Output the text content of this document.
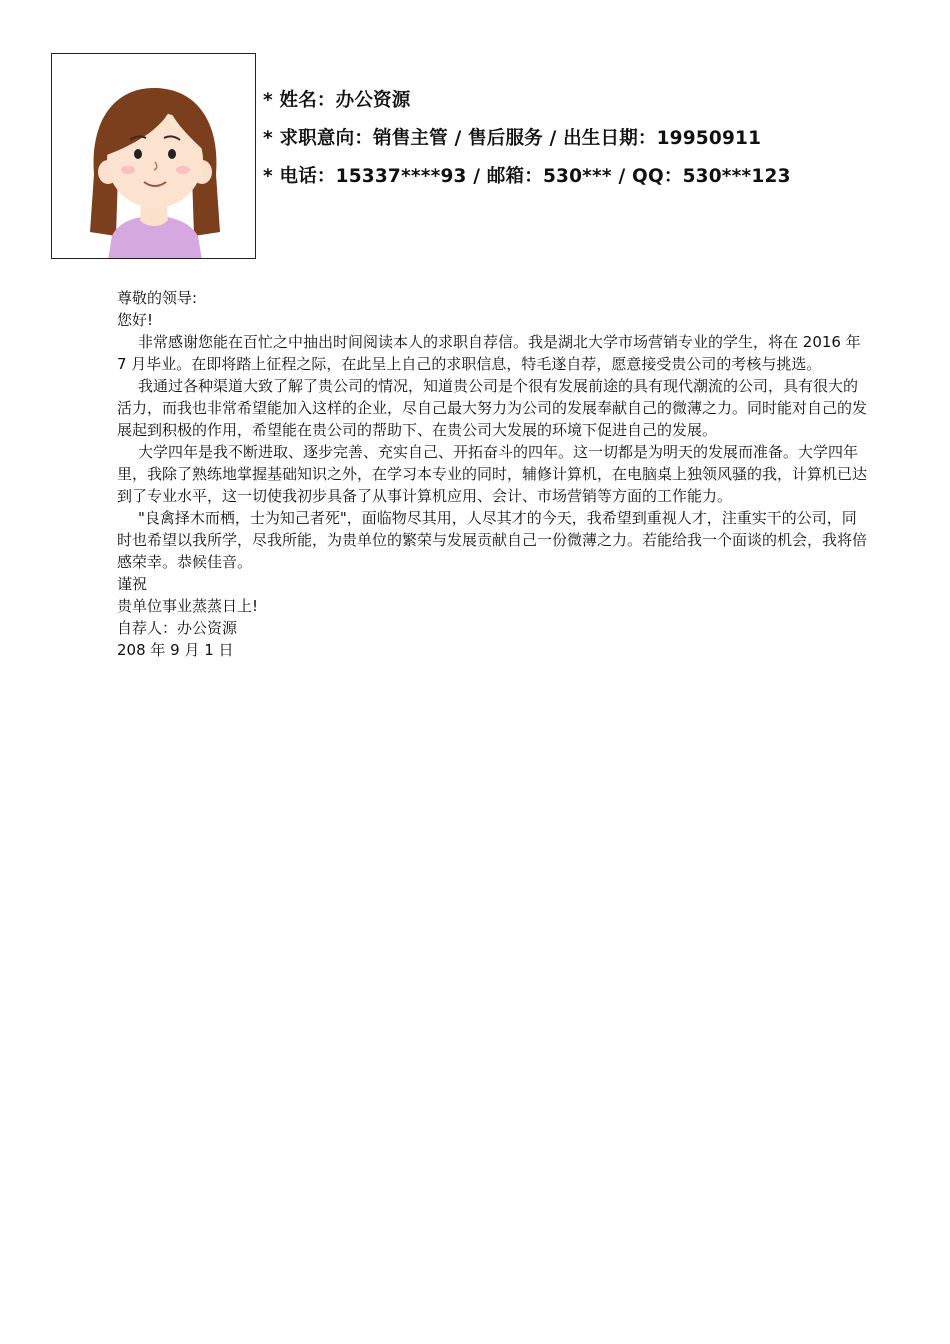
* 姓名：办公资源
* 求职意向：销售主管 / 售后服务 / 出生日期：19950911
* 电话：15337****93 / 邮箱：530*** / QQ：530***123

尊敬的领导:

您好!

非常感谢您能在百忙之中抽出时间阅读本人的求职自荐信。我是湖北大学市场营销专业的学生，将在 2016 年 7 月毕业。在即将踏上征程之际，在此呈上自己的求职信息，特毛遂自荐，愿意接受贵公司的考核与挑选。

我通过各种渠道大致了解了贵公司的情况，知道贵公司是个很有发展前途的具有现代潮流的公司，具有很大的活力，而我也非常希望能加入这样的企业，尽自己最大努力为公司的发展奉献自己的微薄之力。同时能对自己的发展起到积极的作用，希望能在贵公司的帮助下、在贵公司大发展的环境下促进自己的发展。

大学四年是我不断进取、逐步完善、充实自己、开拓奋斗的四年。这一切都是为明天的发展而准备。大学四年里，我除了熟练地掌握基础知识之外，在学习本专业的同时，辅修计算机，在电脑桌上独领风骚的我，计算机已达到了专业水平，这一切使我初步具备了从事计算机应用、会计、市场营销等方面的工作能力。

"良禽择木而栖，士为知己者死"，面临物尽其用，人尽其才的今天，我希望到重视人才，注重实干的公司，同时也希望以我所学，尽我所能，为贵单位的繁荣与发展贡献自己一份微薄之力。若能给我一个面谈的机会，我将倍感荣幸。恭候佳音。

谨祝

贵单位事业蒸蒸日上!

自荐人：办公资源

208 年 9 月 1 日
